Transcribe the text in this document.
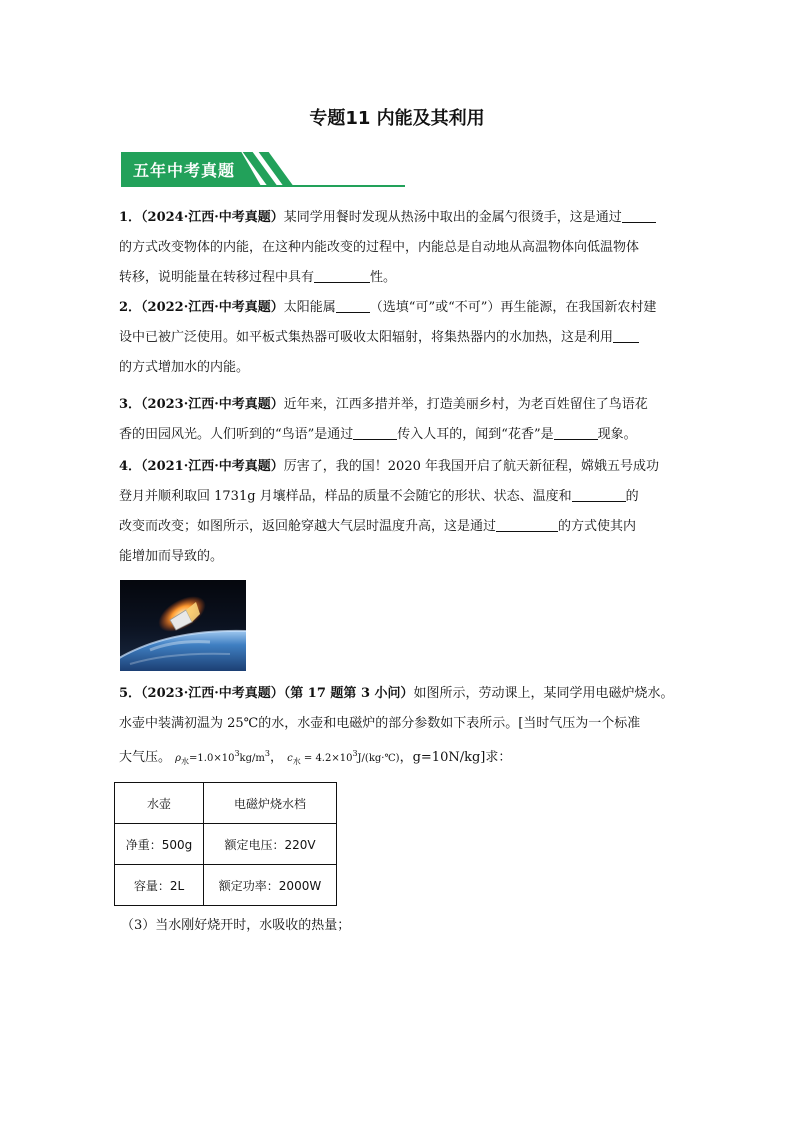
专题11 内能及其利用
五年中考真题
1．（2024·江西·中考真题）某同学用餐时发现从热汤中取出的金属勺很烫手，这是通过
的方式改变物体的内能，在这种内能改变的过程中，内能总是自动地从高温物体向低温物体
转移，说明能量在转移过程中具有	性。
2．（2022·江西·中考真题）太阳能属	（选填“可”或“不可”）再生能源，在我国新农村建
设中已被广泛使用。如平板式集热器可吸收太阳辐射，将集热器内的水加热，这是利用
的方式增加水的内能。
3．（2023·江西·中考真题）近年来，江西多措并举，打造美丽乡村，为老百姓留住了鸟语花
香的田园风光。人们听到的“鸟语”是通过	传入人耳的，闻到“花香”是	现象。
4．（2021·江西·中考真题）厉害了，我的国！2020 年我国开启了航天新征程，嫦娥五号成功
登月并顺利取回 1731g 月壤样品，样品的质量不会随它的形状、状态、温度和	的
改变而改变；如图所示，返回舱穿越大气层时温度升高，这是通过	的方式使其内
能增加而导致的。
5．（2023·江西·中考真题）（第 17 题第 3 小问）如图所示，劳动课上，某同学用电磁炉烧水。
水壶中装满初温为 25℃的水，水壶和电磁炉的部分参数如下表所示。[当时气压为一个标准
大气压。 $\rho_水=1.0\times 10^3kg/m^3$， $c_水$ = $4.2\times 10^3J/(kg\cdot℃)$，g=10N/kg]求：
水壶	电磁炉烧水档
净重：500g	额定电压：220V
容量：2L	额定功率：2000W
（3）当水刚好烧开时，水吸收的热量；
